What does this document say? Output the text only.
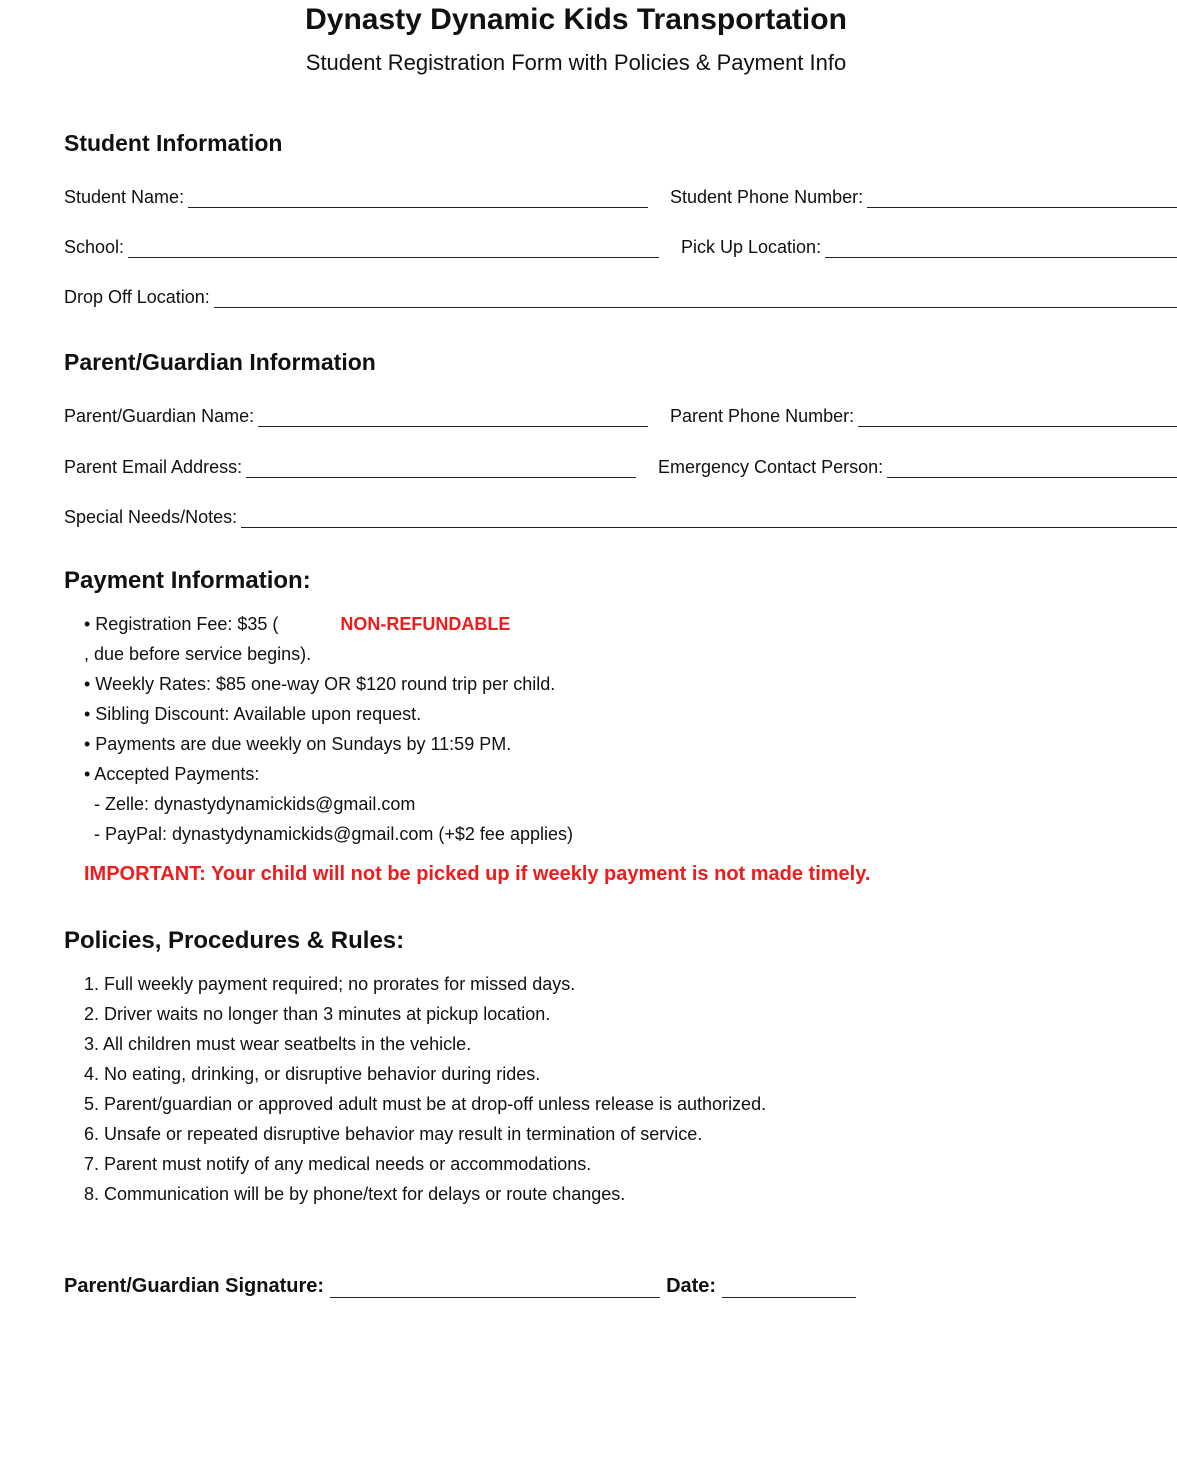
Dynasty Dynamic Kids Transportation
Student Registration Form with Policies & Payment Info
Student Information
Student Name:	Student Phone Number:
School:	Pick Up Location:
Drop Off Location:
Parent/Guardian Information
Parent/Guardian Name:	Parent Phone Number:
Parent Email Address:	Emergency Contact Person:
Special Needs/Notes:
Payment Information:
• Registration Fee: $35 (	NON-REFUNDABLE
, due before service begins).
• Weekly Rates: $85 one-way OR $120 round trip per child.
• Sibling Discount: Available upon request.
• Payments are due weekly on Sundays by 11:59 PM.
• Accepted Payments:
- Zelle: dynastydynamickids@gmail.com
- PayPal: dynastydynamickids@gmail.com (+$2 fee applies)
IMPORTANT: Your child will not be picked up if weekly payment is not made timely.
Policies, Procedures & Rules:
1. Full weekly payment required; no prorates for missed days.
2. Driver waits no longer than 3 minutes at pickup location.
3. All children must wear seatbelts in the vehicle.
4. No eating, drinking, or disruptive behavior during rides.
5. Parent/guardian or approved adult must be at drop-off unless release is authorized.
6. Unsafe or repeated disruptive behavior may result in termination of service.
7. Parent must notify of any medical needs or accommodations.
8. Communication will be by phone/text for delays or route changes.
Parent/Guardian Signature:	Date:
